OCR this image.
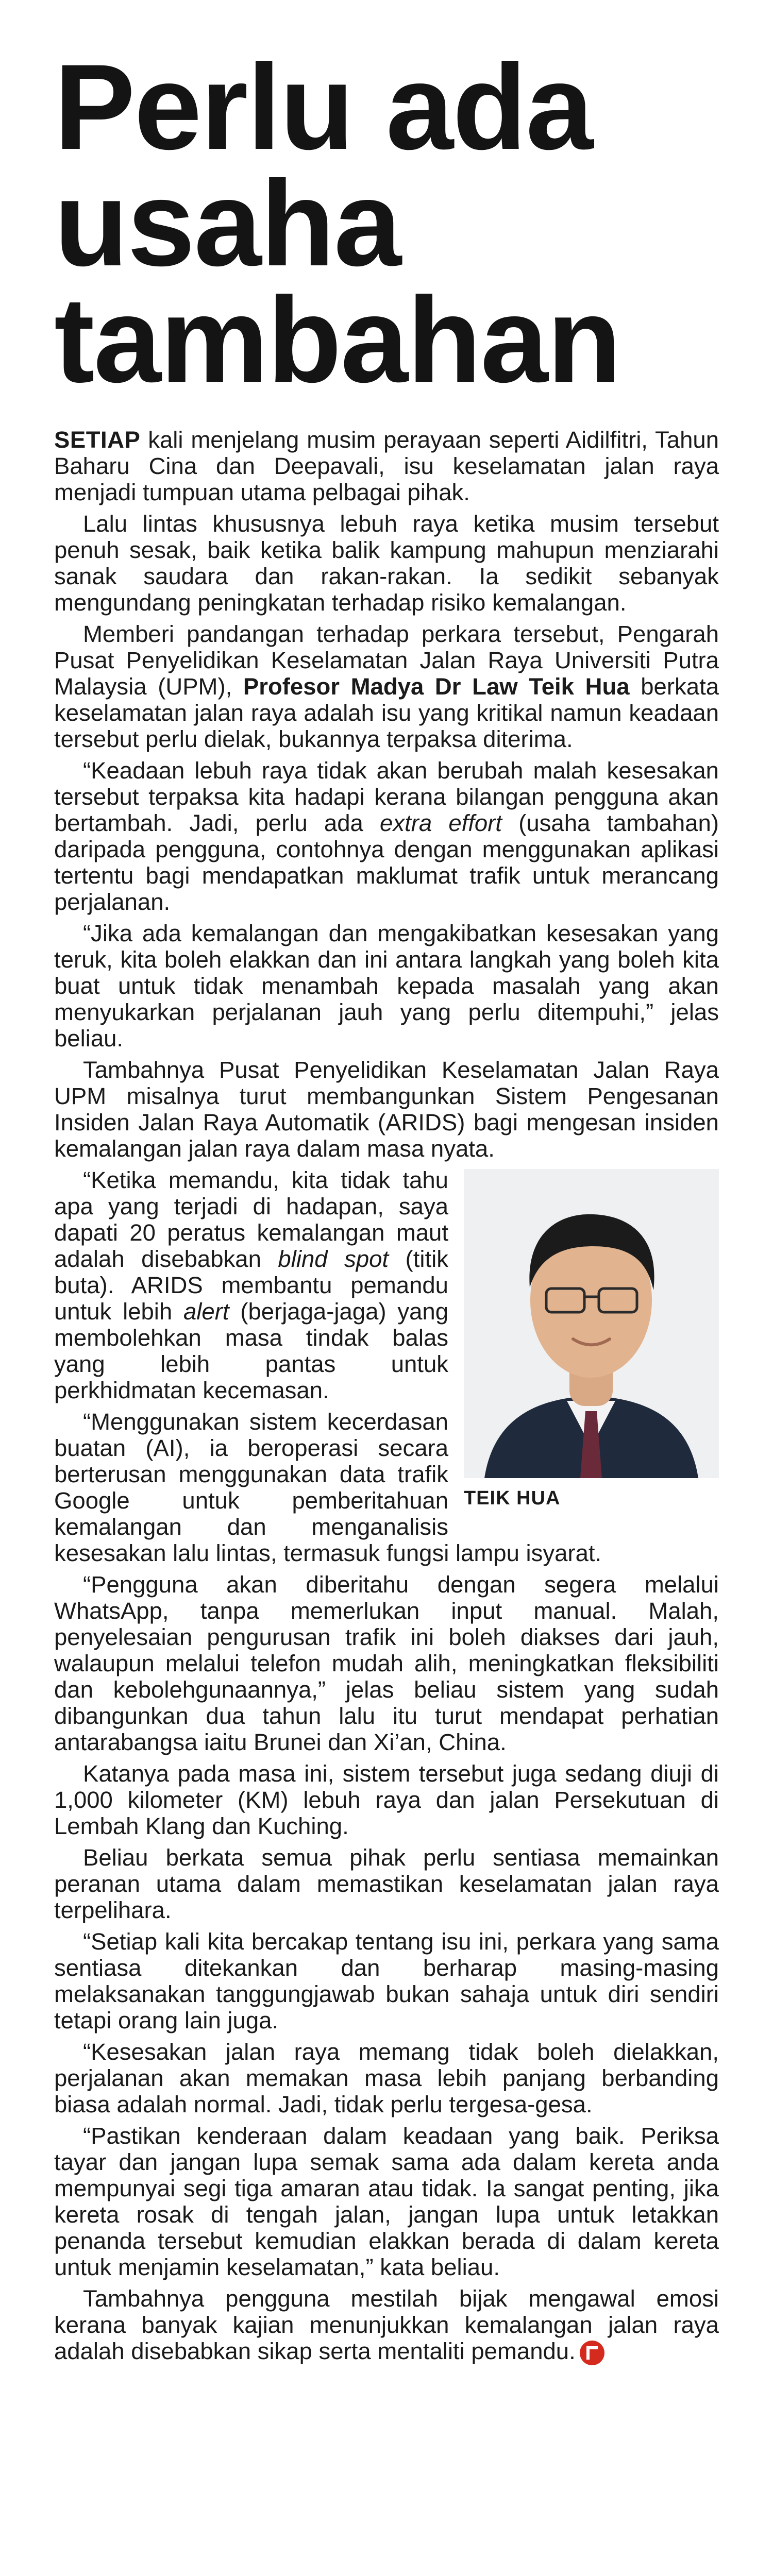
Perlu ada
usaha
tambahan

SETIAP kali menjelang musim perayaan seperti Aidilfitri, Tahun Baharu Cina dan Deepavali, isu keselamatan jalan raya menjadi tumpuan utama pelbagai pihak.

Lalu lintas khususnya lebuh raya ketika musim tersebut penuh sesak, baik ketika balik kampung mahupun menziarahi sanak saudara dan rakan-rakan. Ia sedikit sebanyak mengundang peningkatan terhadap risiko kemalangan.

Memberi pandangan terhadap perkara tersebut, Pengarah Pusat Penyelidikan Keselamatan Jalan Raya Universiti Putra Malaysia (UPM), Profesor Madya Dr Law Teik Hua berkata keselamatan jalan raya adalah isu yang kritikal namun keadaan tersebut perlu dielak, bukannya terpaksa diterima.

“Keadaan lebuh raya tidak akan berubah malah kesesakan tersebut terpaksa kita hadapi kerana bilangan pengguna akan bertambah. Jadi, perlu ada extra effort (usaha tambahan) daripada pengguna, contohnya dengan menggunakan aplikasi tertentu bagi mendapatkan maklumat trafik untuk merancang perjalanan.

“Jika ada kemalangan dan mengakibatkan kesesakan yang teruk, kita boleh elakkan dan ini antara langkah yang boleh kita buat untuk tidak menambah kepada masalah yang akan menyukarkan perjalanan jauh yang perlu ditempuhi,” jelas beliau.

Tambahnya Pusat Penyelidikan Keselamatan Jalan Raya UPM misalnya turut membangunkan Sistem Pengesanan Insiden Jalan Raya Automatik (ARIDS) bagi mengesan insiden kemalangan jalan raya dalam masa nyata.

TEIK HUA
“Ketika memandu, kita tidak tahu apa yang terjadi di hadapan, saya dapati 20 peratus kemalangan maut adalah disebabkan blind spot (titik buta). ARIDS membantu pemandu untuk lebih alert (berjaga-jaga) yang membolehkan masa tindak balas yang lebih pantas untuk perkhidmatan kecemasan.

“Menggunakan sistem kecerdasan buatan (AI), ia beroperasi secara berterusan menggunakan data trafik Google untuk pemberitahuan kemalangan dan menganalisis kesesakan lalu lintas, termasuk fungsi lampu isyarat.

“Pengguna akan diberitahu dengan segera melalui WhatsApp, tanpa memerlukan input manual. Malah, penyelesaian pengurusan trafik ini boleh diakses dari jauh, walaupun melalui telefon mudah alih, meningkatkan fleksibiliti dan kebolehgunaannya,” jelas beliau sistem yang sudah dibangunkan dua tahun lalu itu turut mendapat perhatian antarabangsa iaitu Brunei dan Xi’an, China.

Katanya pada masa ini, sistem tersebut juga sedang diuji di 1,000 kilometer (KM) lebuh raya dan jalan Persekutuan di Lembah Klang dan Kuching.

Beliau berkata semua pihak perlu sentiasa memainkan peranan utama dalam memastikan keselamatan jalan raya terpelihara.

“Setiap kali kita bercakap tentang isu ini, perkara yang sama sentiasa ditekankan dan berharap masing-masing melaksanakan tanggungjawab bukan sahaja untuk diri sendiri tetapi orang lain juga.

“Kesesakan jalan raya memang tidak boleh dielakkan, perjalanan akan memakan masa lebih panjang berbanding biasa adalah normal. Jadi, tidak perlu tergesa-gesa.

“Pastikan kenderaan dalam keadaan yang baik. Periksa tayar dan jangan lupa semak sama ada dalam kereta anda mempunyai segi tiga amaran atau tidak. Ia sangat penting, jika kereta rosak di tengah jalan, jangan lupa untuk letakkan penanda tersebut kemudian elakkan berada di dalam kereta untuk menjamin keselamatan,” kata beliau.

Tambahnya pengguna mestilah bijak mengawal emosi kerana banyak kajian menunjukkan kemalangan jalan raya adalah disebabkan sikap serta mentaliti pemandu.
